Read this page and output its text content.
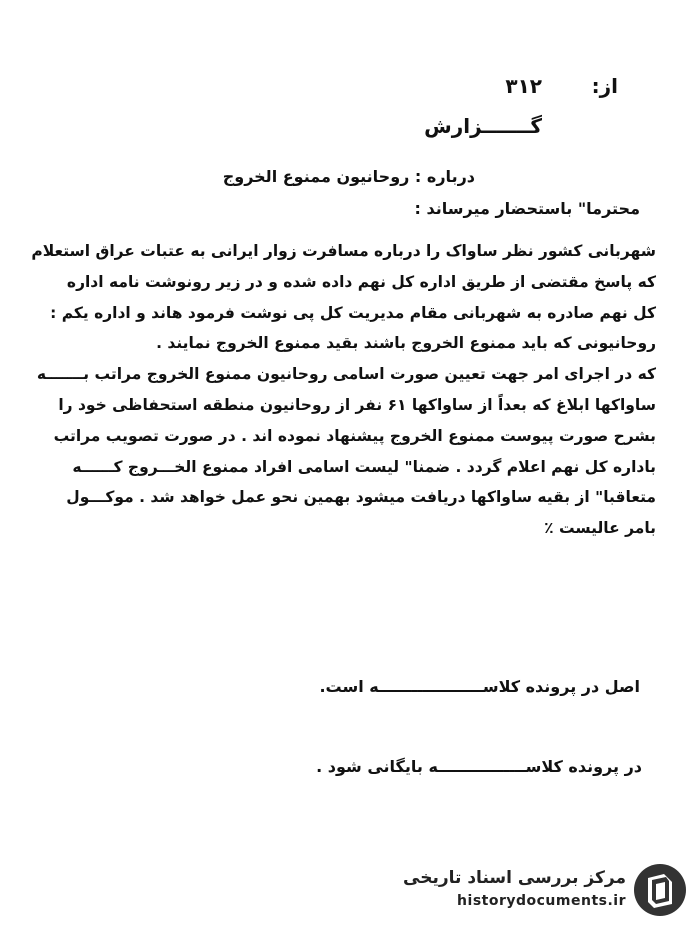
از:
۳۱۲
گـــــــزارش
درباره : روحانیون ممنوع الخروج
محترما" باستحضار میرساند :
شهربانی کشور نظر ساواک را درباره مسافرت زوار ایرانی به عتبات عراق استعلام
که پاسخ مقتضی از طریق اداره کل نهم داده شده و در زیر رونوشت نامه اداره
کل نهم صادره به شهربانی مقام مدیریت کل پی نوشت فرمود هاند و اداره یکم :
روحانیونی که باید ممنوع الخروج باشند بقید ممنوع الخروج نمایند .
که در اجرای امر جهت تعیین صورت اسامی روحانیون ممنوع الخروج مراتب بـــــــه
ساواکها ابلاغ که بعداً از ساواکها ۶۱ نفر از روحانیون منطقه استحفاظی خود را
بشرح صورت پیوست ممنوع الخروج پیشنهاد نموده اند . در صورت تصویب مراتب
باداره کل نهم اعلام گردد . ضمنا" لیست اسامی افراد ممنوع الخـــروج کــــــه
متعاقبا" از بقیه ساواکها دریافت میشود بهمین نحو عمل خواهد شد . موکـــول
بامر عالیست ٪
اصل در پرونده کلاســـــــــــــــــــه است.
در پرونده کلاســــــــــــــــه بایگانی شود .
مرکز بررسی اسناد تاریخی
historydocuments.ir
